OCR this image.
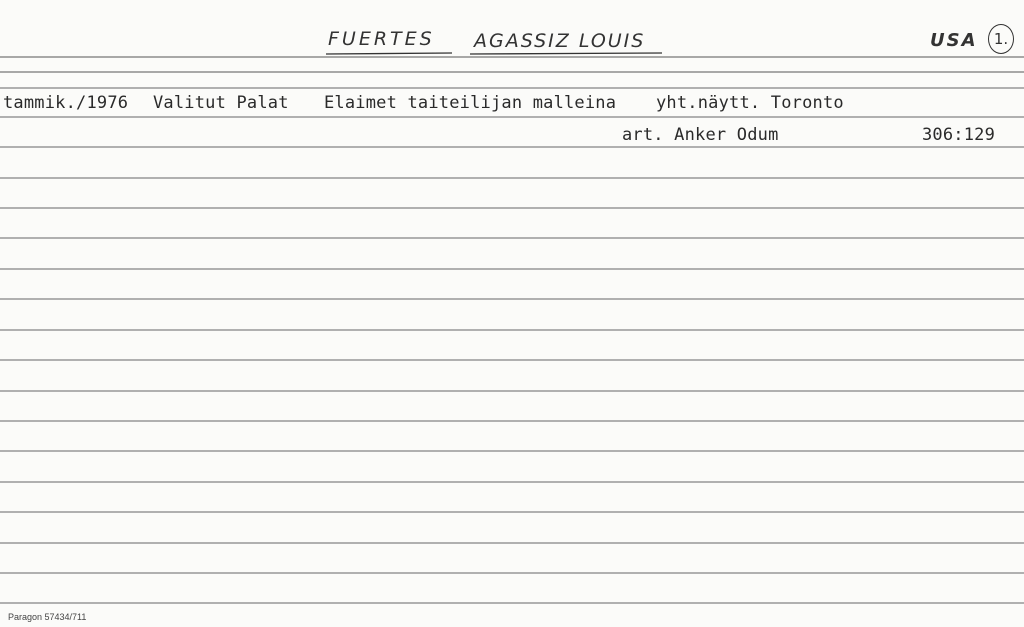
FUERTES AGASSIZ LOUIS	USA 1.
tammik./1976 Valitut Palat Elaimet taiteilijan malleina yht.näytt. Toronto
art. Anker Odum	306:129
Paragon 57434/711
